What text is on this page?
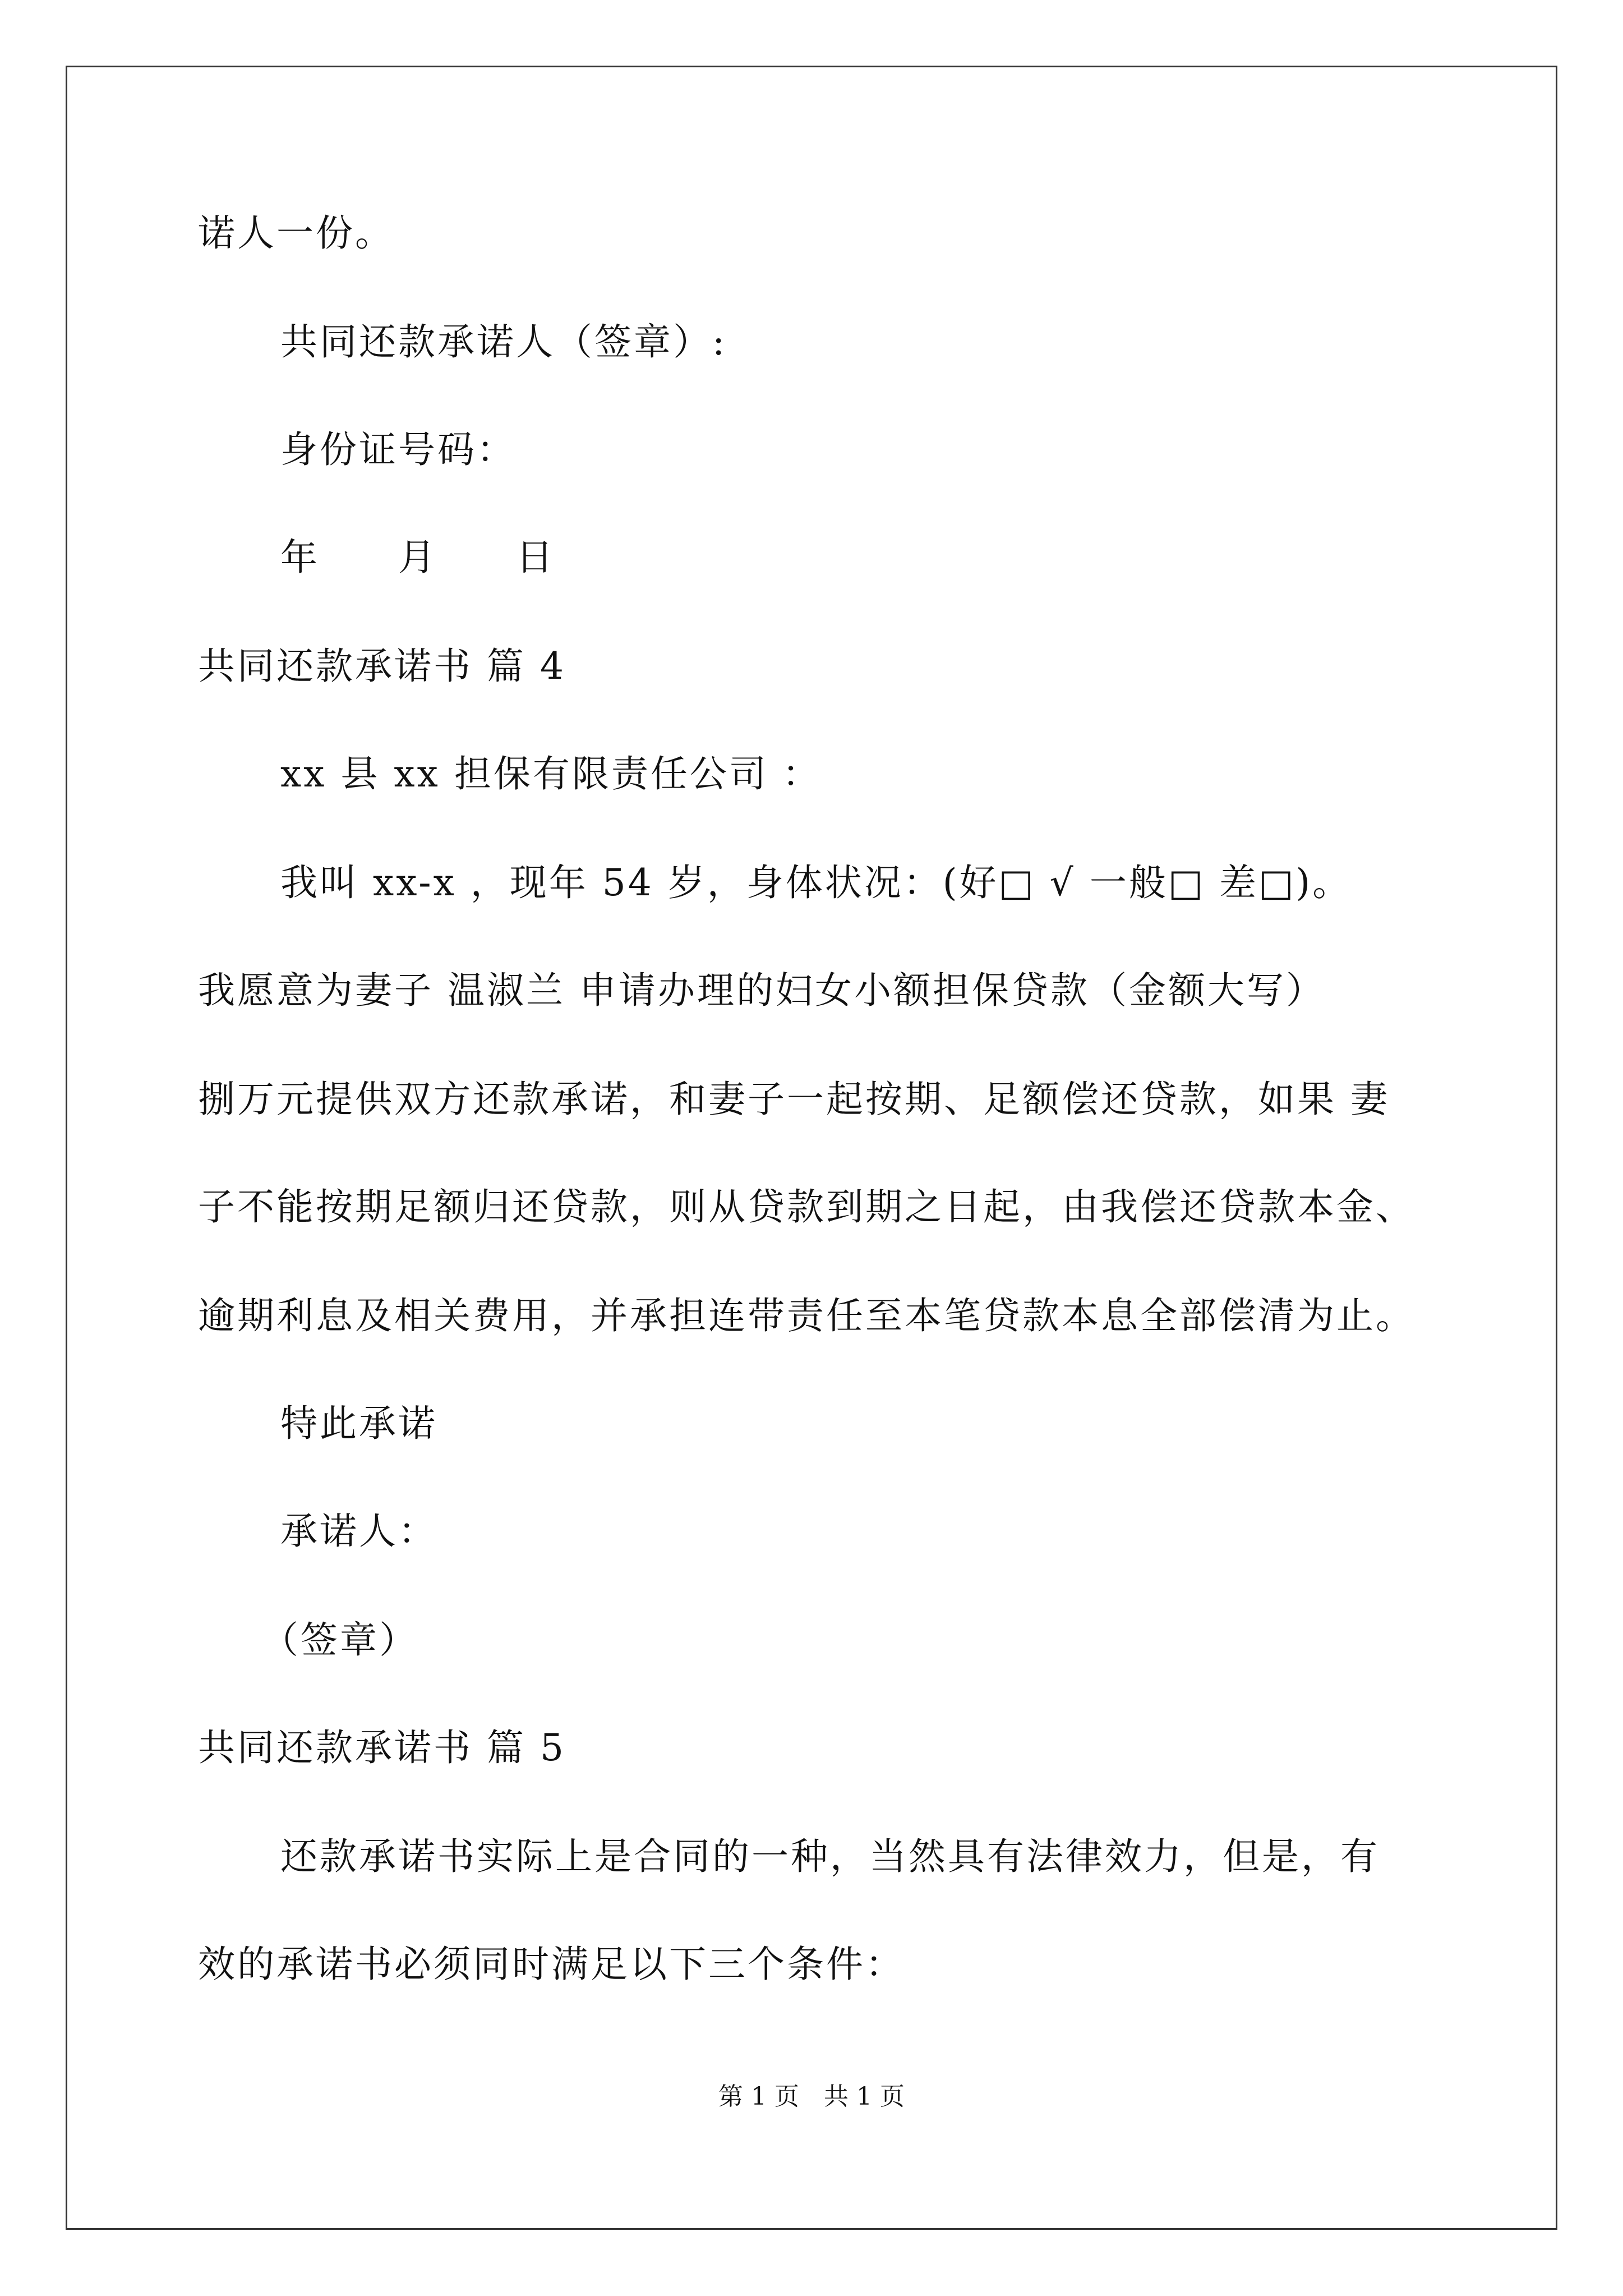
诺人一份。
共同还款承诺人（签章）:
身份证号码：
年　　月　　日
共同还款承诺书 篇 4
xx 县 xx 担保有限责任公司 ：
我叫 xx-x ，现年 54 岁，身体状况：(好□ √ 一般□ 差□)。
我愿意为妻子 温淑兰 申请办理的妇女小额担保贷款（金额大写）
捌万元提供双方还款承诺，和妻子一起按期、足额偿还贷款，如果 妻
子不能按期足额归还贷款，则从贷款到期之日起，由我偿还贷款本金、
逾期利息及相关费用，并承担连带责任至本笔贷款本息全部偿清为止。
特此承诺
承诺人：
（签章）
共同还款承诺书 篇 5
还款承诺书实际上是合同的一种，当然具有法律效力，但是，有
效的承诺书必须同时满足以下三个条件：
第 1 页　共 1 页
